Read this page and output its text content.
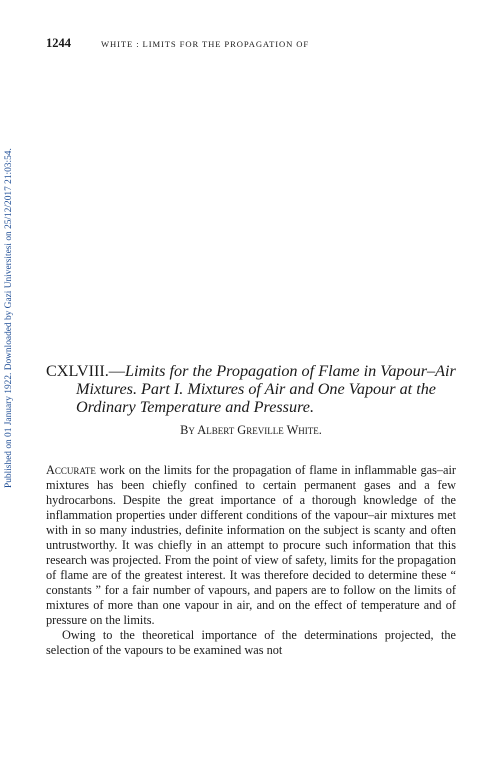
1244	WHITE : LIMITS FOR THE PROPAGATION OF
Published on 01 January 1922. Downloaded by Gazi Universitesi on 25/12/2017 21:03:54. CXLVIII.—Limits for the Propagation of Flame in Vapour–Air Mixtures. Part I. Mixtures of Air and One Vapour at the Ordinary Temperature and Pressure.
By Albert Greville White.

Accurate work on the limits for the propagation of flame in inflammable gas–air mixtures has been chiefly confined to certain permanent gases and a few hydrocarbons. Despite the great importance of a thorough knowledge of the inflammation properties under different conditions of the vapour–air mixtures met with in so many industries, definite information on the subject is scanty and often untrustworthy. It was chiefly in an attempt to procure such information that this research was projected. From the point of view of safety, limits for the propagation of flame are of the greatest interest. It was therefore decided to determine these “ constants ” for a fair number of vapours, and papers are to follow on the limits of mixtures of more than one vapour in air, and on the effect of temperature and of pressure on the limits.

Owing to the theoretical importance of the determinations projected, the selection of the vapours to be examined was not
